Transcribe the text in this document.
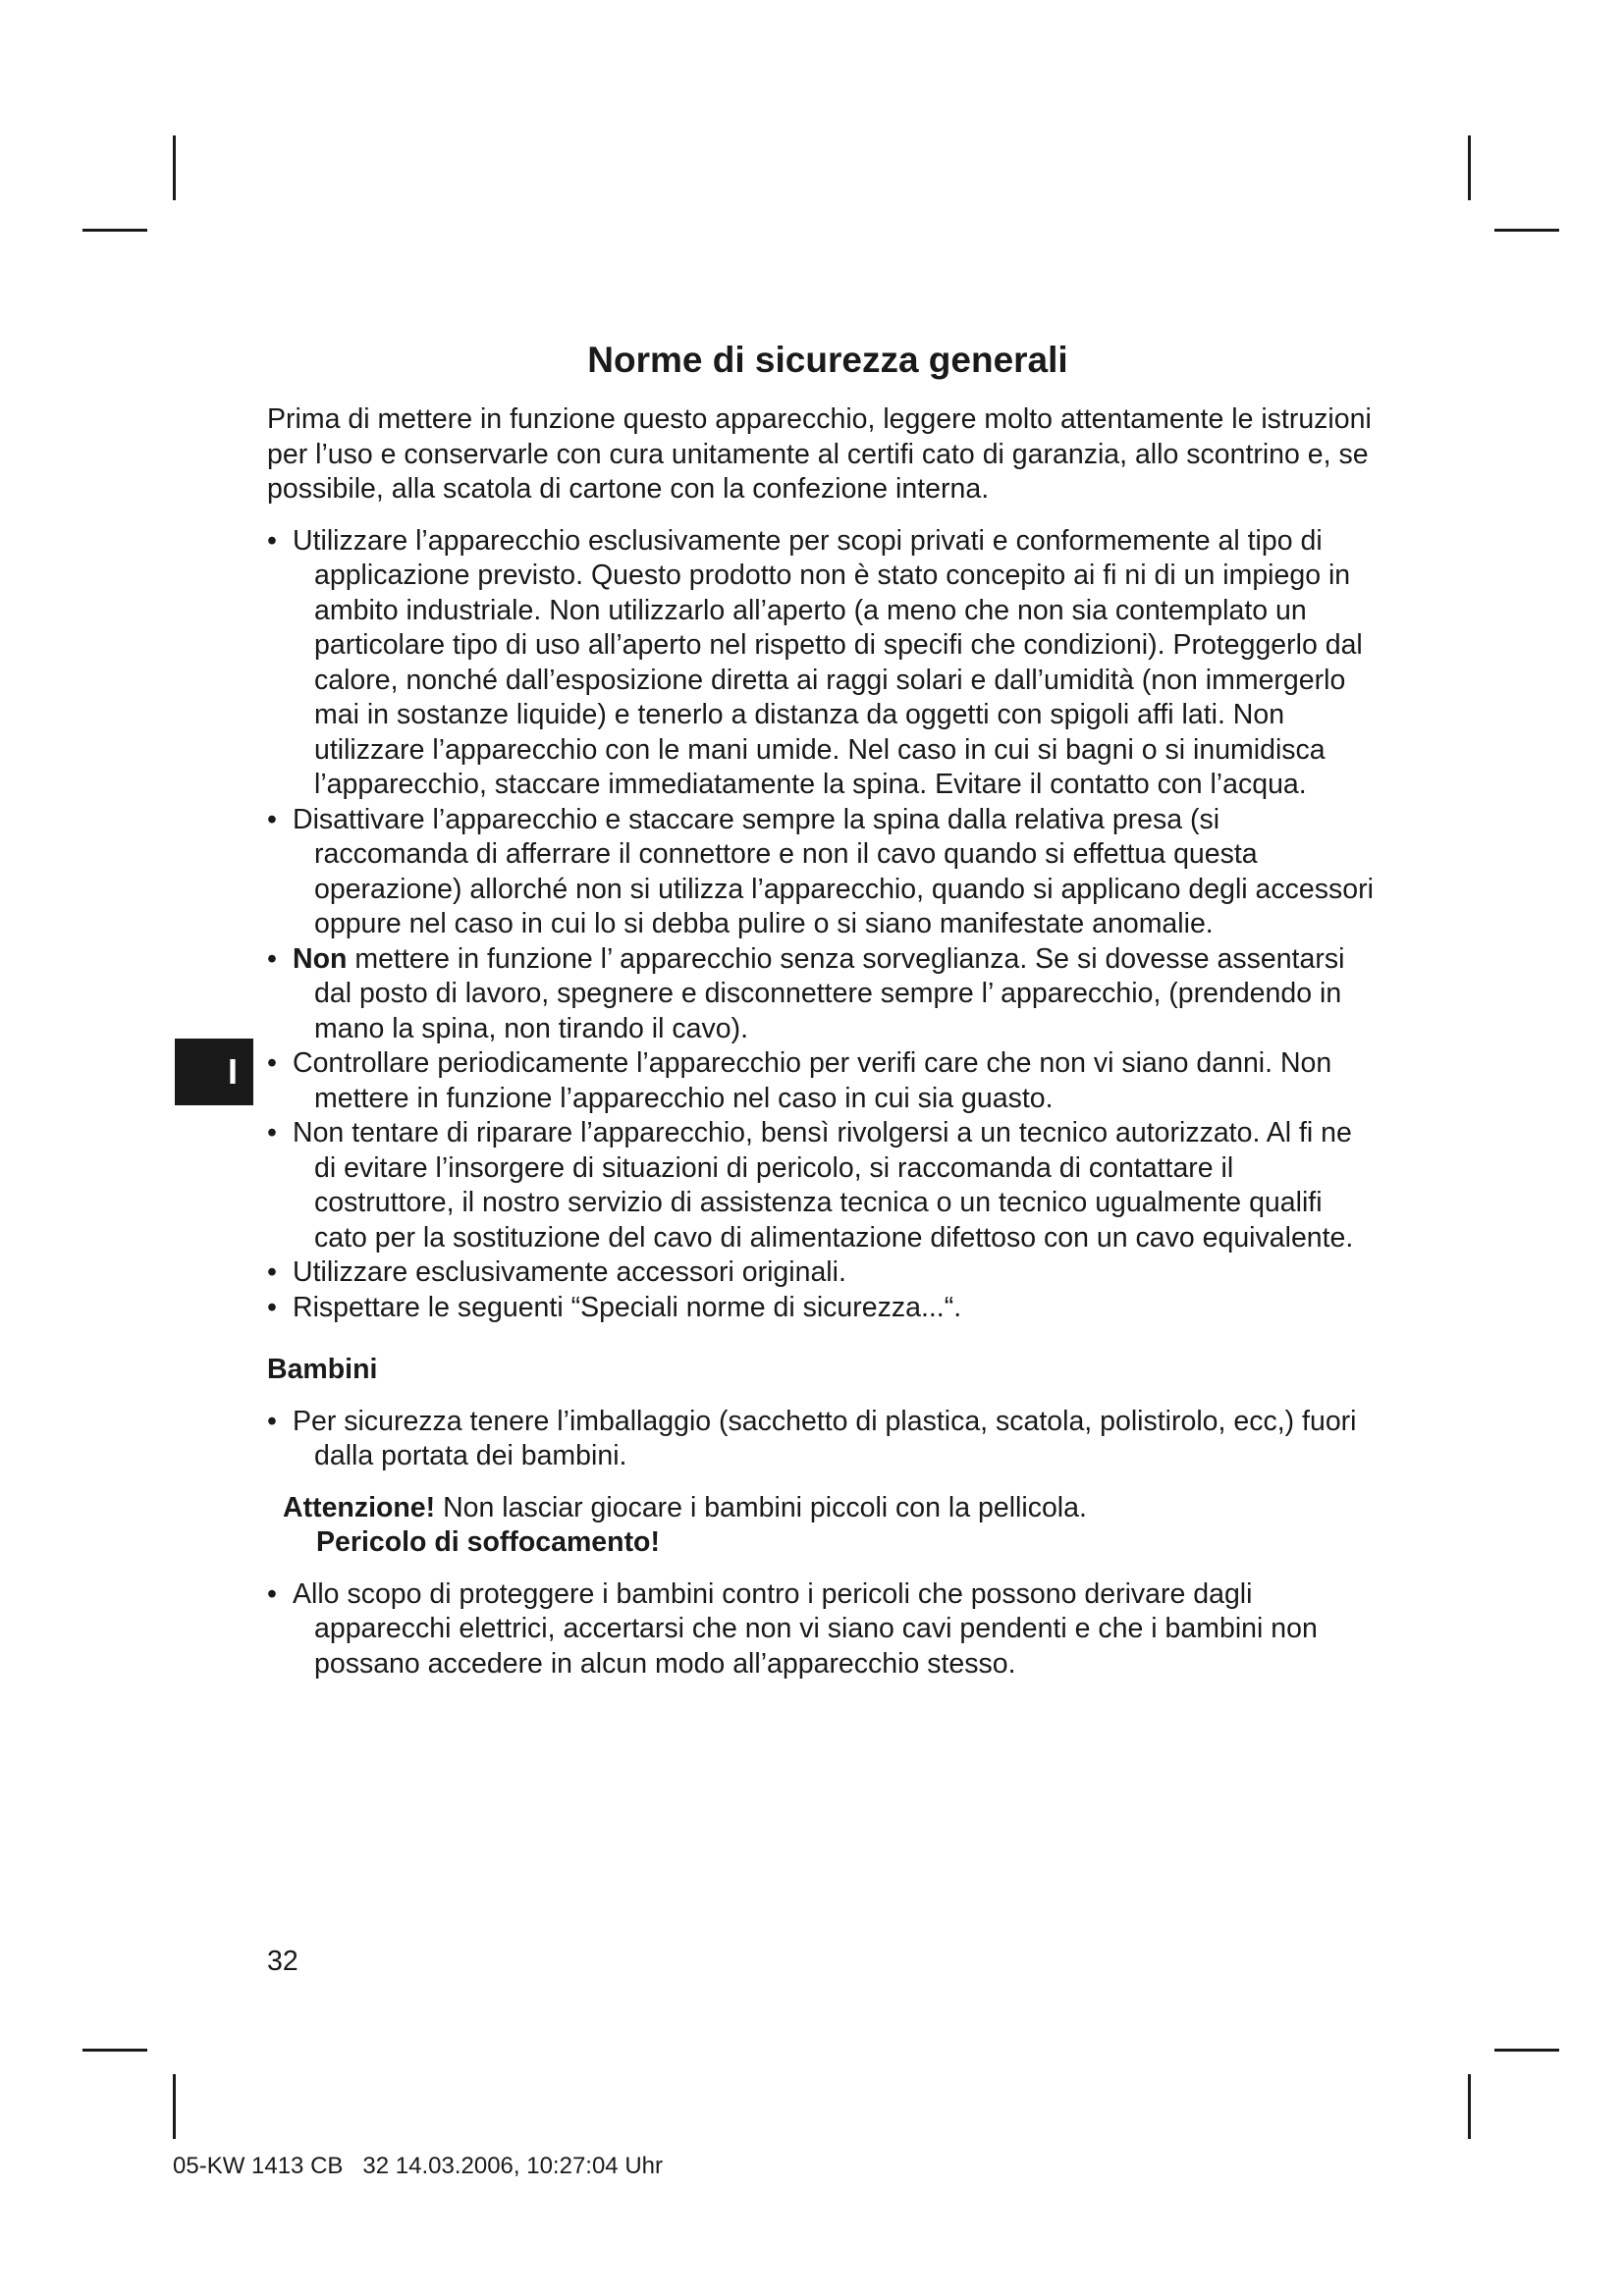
I
Norme di sicurezza generali

Prima di mettere in funzione questo apparecchio, leggere molto attentamente le istruzioni per l’uso e conservarle con cura unitamente al certifi cato di garanzia, allo scontrino e, se possibile, alla scatola di cartone con la confezione interna.

• Utilizzare l’apparecchio esclusivamente per scopi privati e conformemente al tipo di applicazione previsto. Questo prodotto non è stato concepito ai fi ni di un impiego in ambito industriale. Non utilizzarlo all’aperto (a meno che non sia contemplato un particolare tipo di uso all’aperto nel rispetto di specifi che condizioni). Proteggerlo dal calore, nonché dall’esposizione diretta ai raggi solari e dall’umidità (non immergerlo mai in sostanze liquide) e tenerlo a distanza da oggetti con spigoli affi lati. Non utilizzare l’apparecchio con le mani umide. Nel caso in cui si bagni o si inumidisca l’apparecchio, staccare immediatamente la spina. Evitare il contatto con l’acqua.
• Disattivare l’apparecchio e staccare sempre la spina dalla relativa presa (si raccomanda di afferrare il connettore e non il cavo quando si effettua questa operazione) allorché non si utilizza l’apparecchio, quando si applicano degli accessori oppure nel caso in cui lo si debba pulire o si siano manifestate anomalie.
• Non mettere in funzione l’ apparecchio senza sorveglianza. Se si dovesse assentarsi dal posto di lavoro, spegnere e disconnettere sempre l’ apparecchio, (prendendo in mano la spina, non tirando il cavo).
• Controllare periodicamente l’apparecchio per verifi care che non vi siano danni. Non mettere in funzione l’apparecchio nel caso in cui sia guasto.
• Non tentare di riparare l’apparecchio, bensì rivolgersi a un tecnico autorizzato. Al fi ne di evitare l’insorgere di situazioni di pericolo, si raccomanda di contattare il costruttore, il nostro servizio di assistenza tecnica o un tecnico ugualmente qualifi cato per la sostituzione del cavo di alimentazione difettoso con un cavo equivalente.
• Utilizzare esclusivamente accessori originali.
• Rispettare le seguenti “Speciali norme di sicurezza...“.
Bambini
• Per sicurezza tenere l’imballaggio (sacchetto di plastica, scatola, polistirolo, ecc,) fuori dalla portata dei bambini.

Attenzione! Non lasciar giocare i bambini piccoli con la pellicola.
Pericolo di soffocamento!

• Allo scopo di proteggere i bambini contro i pericoli che possono derivare dagli apparecchi elettrici, accertarsi che non vi siano cavi pendenti e che i bambini non possano accedere in alcun modo all’apparecchio stesso.
32
05-KW 1413 CB   32 14.03.2006, 10:27:04 Uhr
